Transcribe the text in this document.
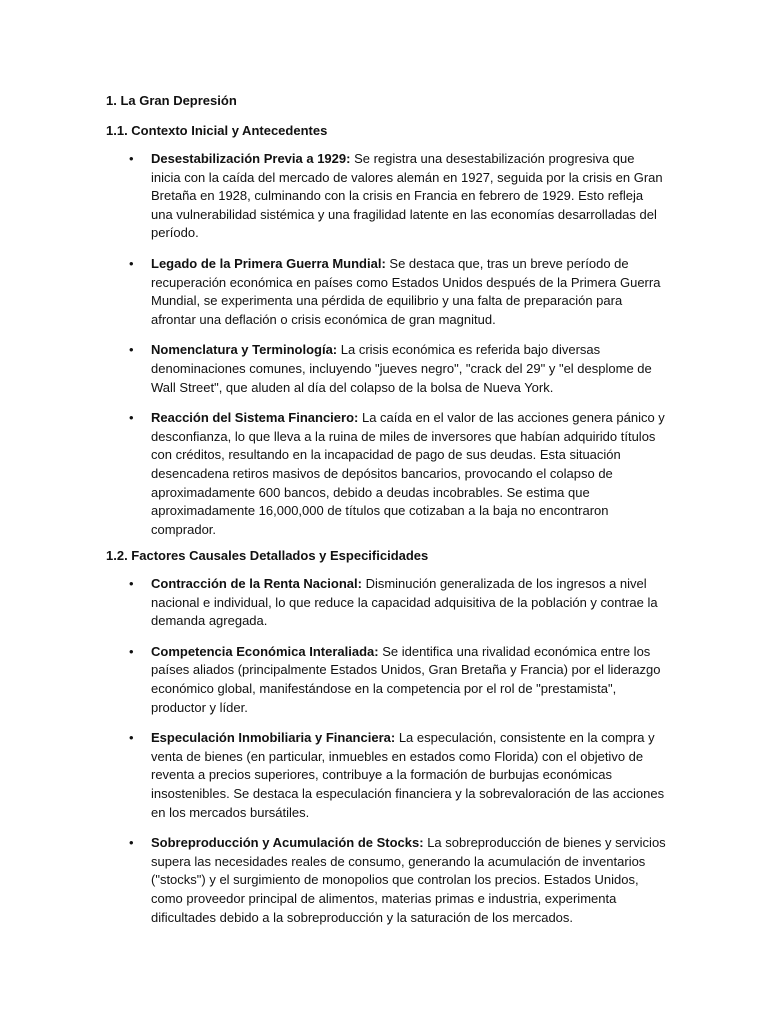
1. La Gran Depresión
1.1. Contexto Inicial y Antecedentes
• Desestabilización Previa a 1929: Se registra una desestabilización progresiva que inicia con la caída del mercado de valores alemán en 1927, seguida por la crisis en Gran Bretaña en 1928, culminando con la crisis en Francia en febrero de 1929. Esto refleja una vulnerabilidad sistémica y una fragilidad latente en las economías desarrolladas del período.
• Legado de la Primera Guerra Mundial: Se destaca que, tras un breve período de recuperación económica en países como Estados Unidos después de la Primera Guerra Mundial, se experimenta una pérdida de equilibrio y una falta de preparación para afrontar una deflación o crisis económica de gran magnitud.
• Nomenclatura y Terminología: La crisis económica es referida bajo diversas denominaciones comunes, incluyendo "jueves negro", "crack del 29" y "el desplome de Wall Street", que aluden al día del colapso de la bolsa de Nueva York.
• Reacción del Sistema Financiero: La caída en el valor de las acciones genera pánico y desconfianza, lo que lleva a la ruina de miles de inversores que habían adquirido títulos con créditos, resultando en la incapacidad de pago de sus deudas. Esta situación desencadena retiros masivos de depósitos bancarios, provocando el colapso de aproximadamente 600 bancos, debido a deudas incobrables. Se estima que aproximadamente 16,000,000 de títulos que cotizaban a la baja no encontraron comprador.
1.2. Factores Causales Detallados y Especificidades
• Contracción de la Renta Nacional: Disminución generalizada de los ingresos a nivel nacional e individual, lo que reduce la capacidad adquisitiva de la población y contrae la demanda agregada.
• Competencia Económica Interaliada: Se identifica una rivalidad económica entre los países aliados (principalmente Estados Unidos, Gran Bretaña y Francia) por el liderazgo económico global, manifestándose en la competencia por el rol de "prestamista", productor y líder.
• Especulación Inmobiliaria y Financiera: La especulación, consistente en la compra y venta de bienes (en particular, inmuebles en estados como Florida) con el objetivo de reventa a precios superiores, contribuye a la formación de burbujas económicas insostenibles. Se destaca la especulación financiera y la sobrevaloración de las acciones en los mercados bursátiles.
• Sobreproducción y Acumulación de Stocks: La sobreproducción de bienes y servicios supera las necesidades reales de consumo, generando la acumulación de inventarios ("stocks") y el surgimiento de monopolios que controlan los precios. Estados Unidos, como proveedor principal de alimentos, materias primas e industria, experimenta dificultades debido a la sobreproducción y la saturación de los mercados.
